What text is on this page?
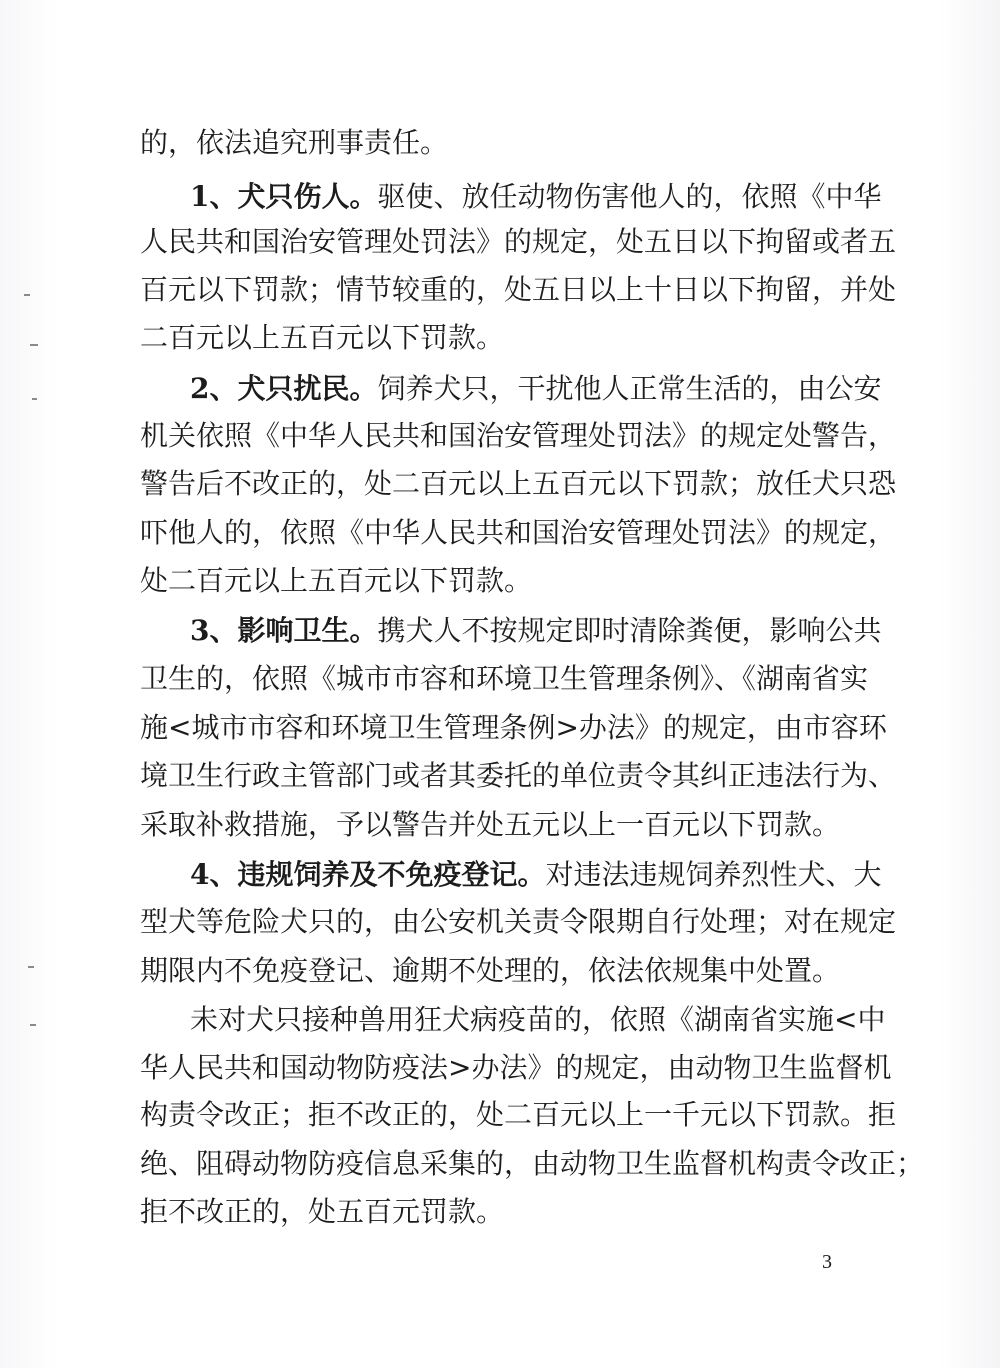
的，依法追究刑事责任。
1、犬只伤人。驱使、放任动物伤害他人的，依照《中华
人民共和国治安管理处罚法》的规定，处五日以下拘留或者五
百元以下罚款；情节较重的，处五日以上十日以下拘留，并处
二百元以上五百元以下罚款。
2、犬只扰民。饲养犬只，干扰他人正常生活的，由公安
机关依照《中华人民共和国治安管理处罚法》的规定处警告，
警告后不改正的，处二百元以上五百元以下罚款；放任犬只恐
吓他人的，依照《中华人民共和国治安管理处罚法》的规定，
处二百元以上五百元以下罚款。
3、影响卫生。携犬人不按规定即时清除粪便，影响公共
卫生的，依照《城市市容和环境卫生管理条例》、《湖南省实
施<城市市容和环境卫生管理条例>办法》的规定，由市容环
境卫生行政主管部门或者其委托的单位责令其纠正违法行为、
采取补救措施，予以警告并处五元以上一百元以下罚款。
4、违规饲养及不免疫登记。对违法违规饲养烈性犬、大
型犬等危险犬只的，由公安机关责令限期自行处理；对在规定
期限内不免疫登记、逾期不处理的，依法依规集中处置。
未对犬只接种兽用狂犬病疫苗的，依照《湖南省实施<中
华人民共和国动物防疫法>办法》的规定，由动物卫生监督机
构责令改正；拒不改正的，处二百元以上一千元以下罚款。拒
绝、阻碍动物防疫信息采集的，由动物卫生监督机构责令改正；
拒不改正的，处五百元罚款。
3
